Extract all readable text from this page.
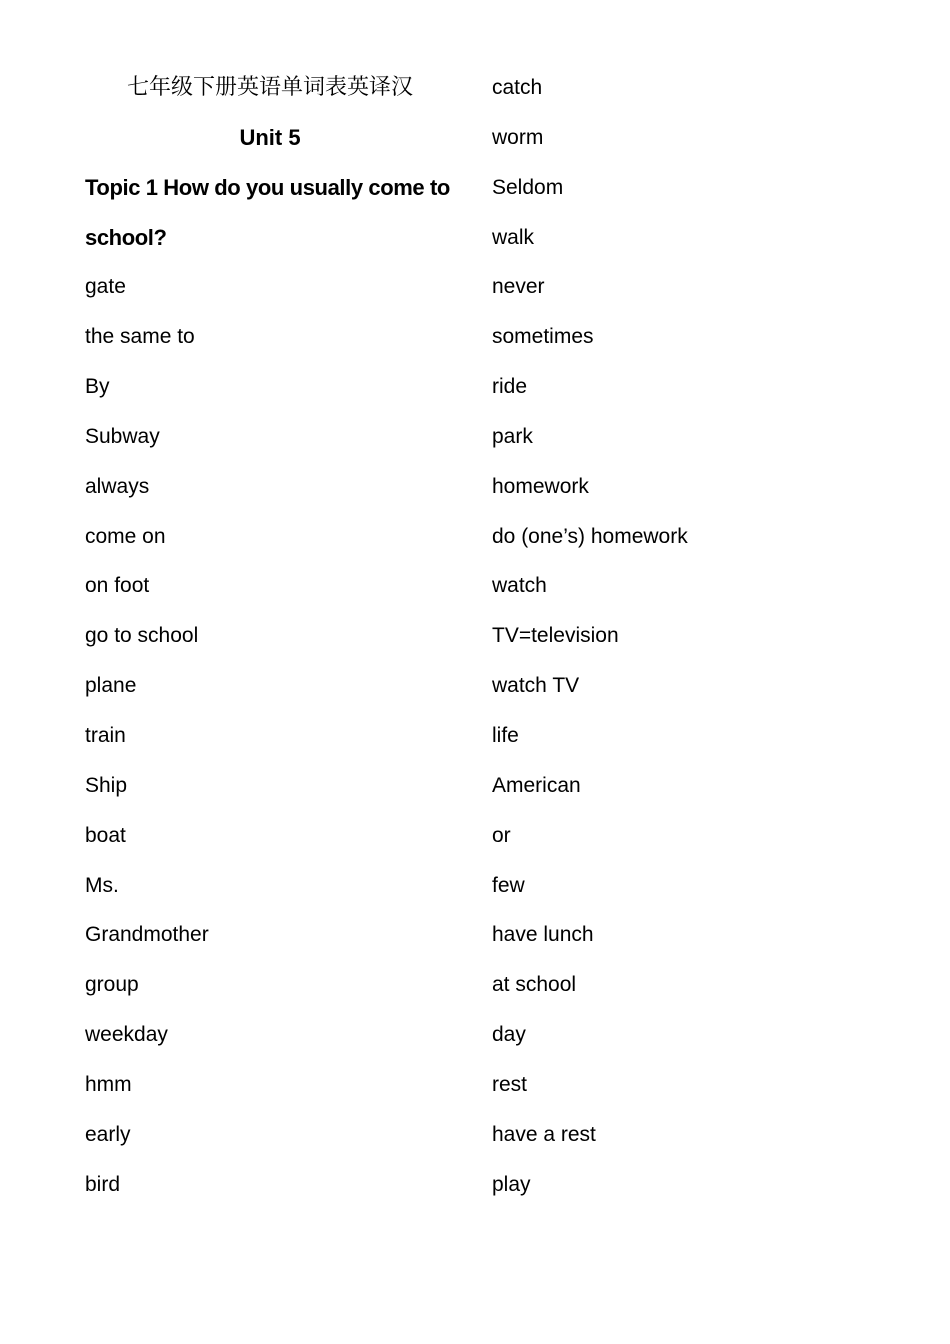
七年级下册英语单词表英译汉

Unit 5

Topic 1 How do you usually come to

school?

gate

the same to

By

Subway

always

come on

on foot

go to school

plane

train

Ship

boat

Ms.

Grandmother

group

weekday

hmm

early

bird

catch

worm

Seldom

walk

never

sometimes

ride

park

homework

do (one’s) homework

watch

TV=television

watch TV

life

American

or

few

have lunch

at school

day

rest

have a rest

play
